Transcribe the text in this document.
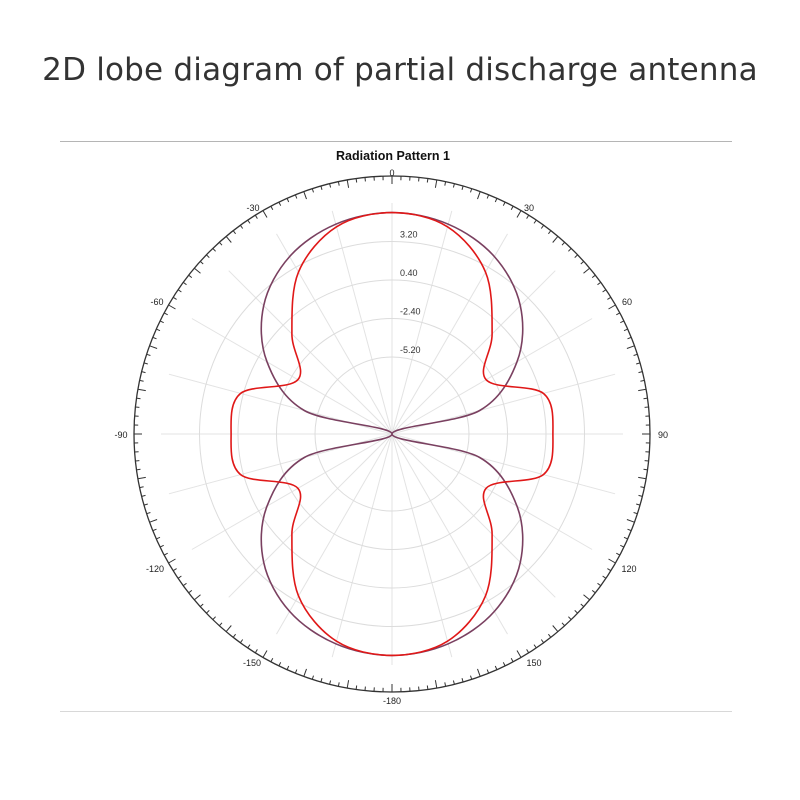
2D lobe diagram of partial discharge antenna
Radiation Pattern 1
3.20
0.40
-2.40
-5.20
0
30
60
90
120
150
-180
-150
-120
-90
-60
-30
